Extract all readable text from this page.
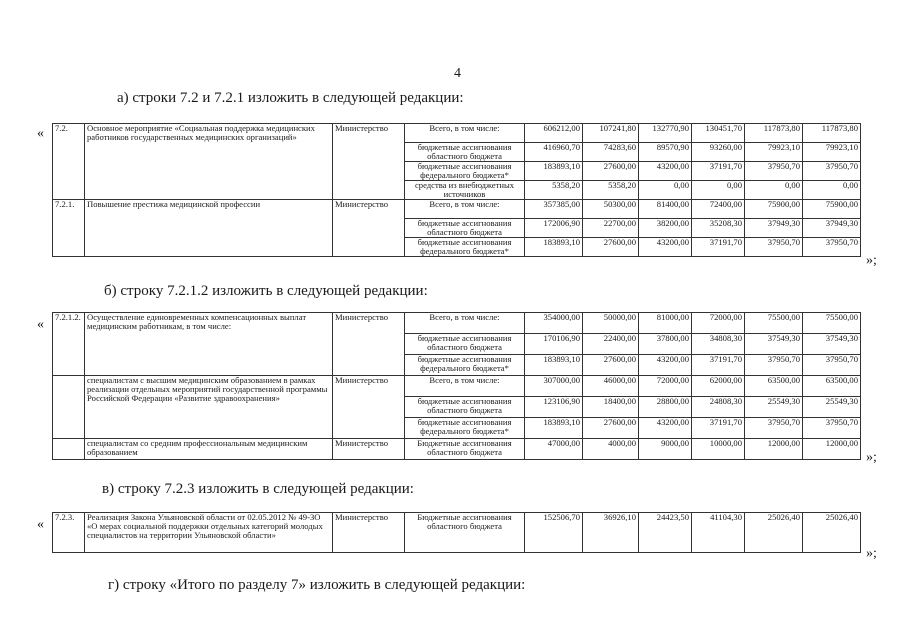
4
а) строки 7.2 и 7.2.1 изложить в следующей редакции:
« 7.2.	Основное мероприятие «Социальная поддержка медицинских работников государственных медицинских организаций»	Министерство	Всего, в том числе:	606212,00	107241,80	132770,90	130451,70	117873,80	117873,80
			бюджетные ассигнования областного бюджета	416960,70	74283,60	89570,90	93260,00	79923,10	79923,10
			бюджетные ассигнования федерального бюджета*	183893,10	27600,00	43200,00	37191,70	37950,70	37950,70
			средства из внебюджетных источников	5358,20	5358,20	0,00	0,00	0,00	0,00
7.2.1.	Повышение престижа медицинской профессии	Министерство	Всего, в том числе:	357385,00	50300,00	81400,00	72400,00	75900,00	75900,00
			бюджетные ассигнования областного бюджета	172006,90	22700,00	38200,00	35208,30	37949,30	37949,30
			бюджетные ассигнования федерального бюджета*	183893,10	27600,00	43200,00	37191,70	37950,70	37950,70
»;
б) строку 7.2.1.2 изложить в следующей редакции:
« 7.2.1.2.	Осуществление единовременных компенсационных выплат медицинским работникам, в том числе:	Министерство	Всего, в том числе:	354000,00	50000,00	81000,00	72000,00	75500,00	75500,00
			бюджетные ассигнования областного бюджета	170106,90	22400,00	37800,00	34808,30	37549,30	37549,30
			бюджетные ассигнования федерального бюджета*	183893,10	27600,00	43200,00	37191,70	37950,70	37950,70
	специалистам с высшим медицинским образованием в рамках реализации отдельных мероприятий государственной программы Российской Федерации «Развитие здравоохранения»	Министерство	Всего, в том числе:	307000,00	46000,00	72000,00	62000,00	63500,00	63500,00
			бюджетные ассигнования областного бюджета	123106,90	18400,00	28800,00	24808,30	25549,30	25549,30
			бюджетные ассигнования федерального бюджета*	183893,10	27600,00	43200,00	37191,70	37950,70	37950,70
	специалистам со средним профессиональным медицинским образованием	Министерство	Бюджетные ассигнования областного бюджета	47000,00	4000,00	9000,00	10000,00	12000,00	12000,00
»;
в) строку 7.2.3 изложить в следующей редакции:
« 7.2.3.	Реализация Закона Ульяновской области от 02.05.2012 № 49-ЗО «О мерах социальной поддержки отдельных категорий молодых специалистов на территории Ульяновской области»	Министерство	Бюджетные ассигнования областного бюджета	152506,70	36926,10	24423,50	41104,30	25026,40	25026,40
»;
г) строку «Итого по разделу 7» изложить в следующей редакции:
